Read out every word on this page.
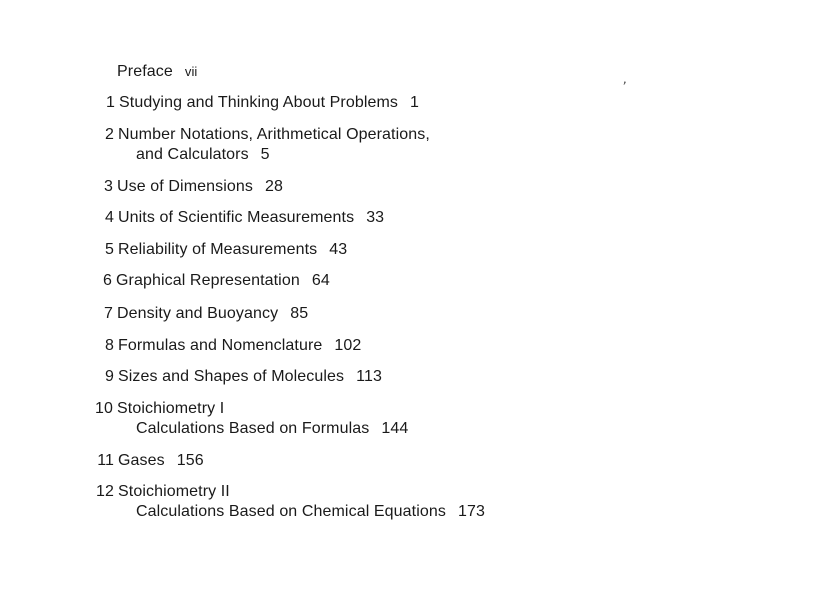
Preface vii
’
1 Studying and Thinking About Problems 1
2 Number Notations, Arithmetical Operations,
and Calculators 5
3 Use of Dimensions 28
4 Units of Scientific Measurements 33
5 Reliability of Measurements 43
6 Graphical Representation 64
7 Density and Buoyancy 85
8 Formulas and Nomenclature 102
9 Sizes and Shapes of Molecules 113
10 Stoichiometry I
Calculations Based on Formulas 144
11 Gases 156
12 Stoichiometry II
Calculations Based on Chemical Equations 173
